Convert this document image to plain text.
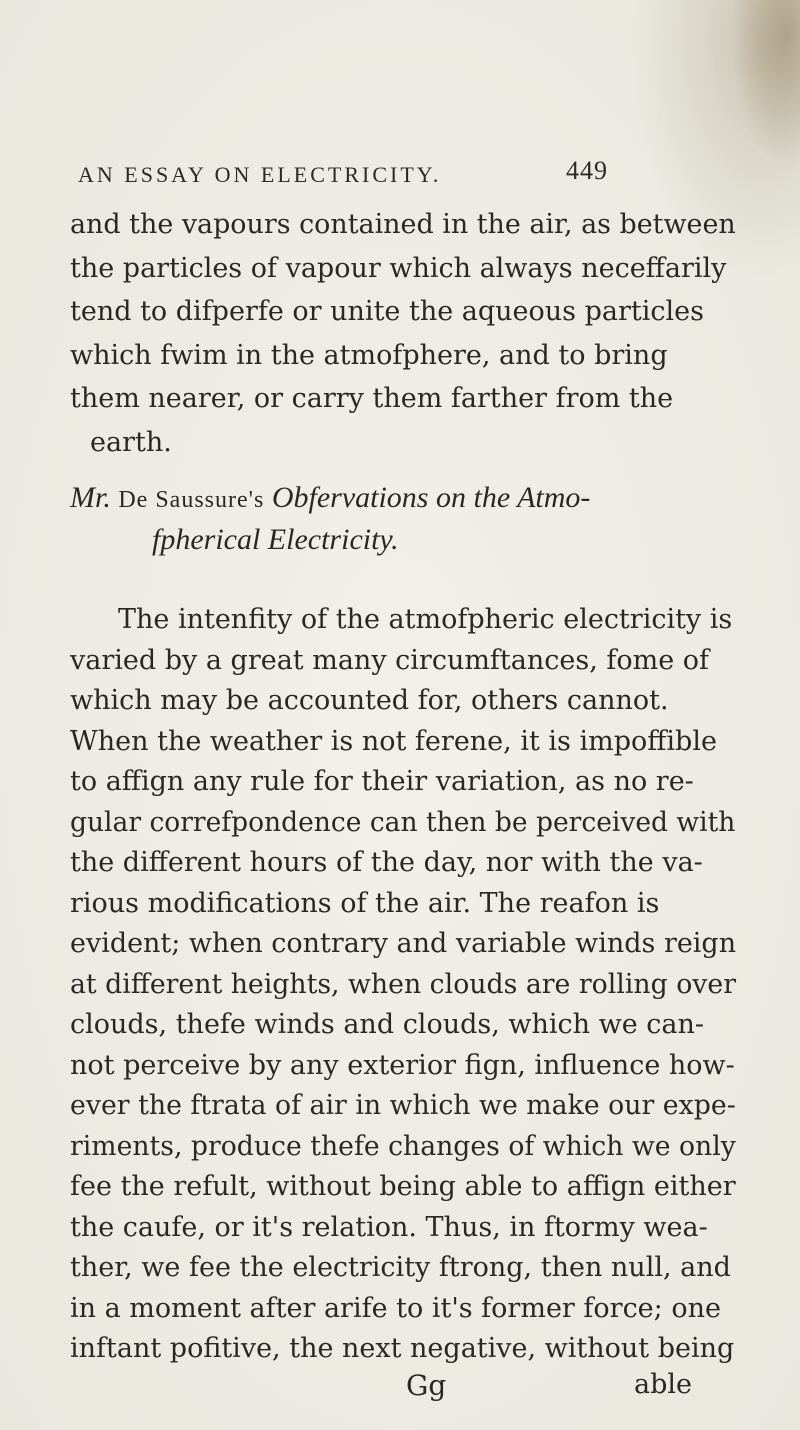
AN ESSAY ON ELECTRICITY.	449
and the vapours contained in the air, as between
the particles of vapour which always neceffarily
tend to difperfe or unite the aqueous particles
which fwim in the atmofphere, and to bring
them nearer, or carry them farther from the
earth.
Mr. De Saussure's Obfervations on the Atmo-
fpherical Electricity.
The intenfity of the atmofpheric electricity is
varied by a great many circumftances, fome of
which may be accounted for, others cannot.
When the weather is not ferene, it is impoffible
to affign any rule for their variation, as no re-
gular correfpondence can then be perceived with
the different hours of the day, nor with the va-
rious modifications of the air. The reafon is
evident; when contrary and variable winds reign
at different heights, when clouds are rolling over
clouds, thefe winds and clouds, which we can-
not perceive by any exterior fign, influence how-
ever the ftrata of air in which we make our expe-
riments, produce thefe changes of which we only
fee the refult, without being able to affign either
the caufe, or it's relation. Thus, in ftormy wea-
ther, we fee the electricity ftrong, then null, and
in a moment after arife to it's former force; one
inftant pofitive, the next negative, without being
Gg	able
